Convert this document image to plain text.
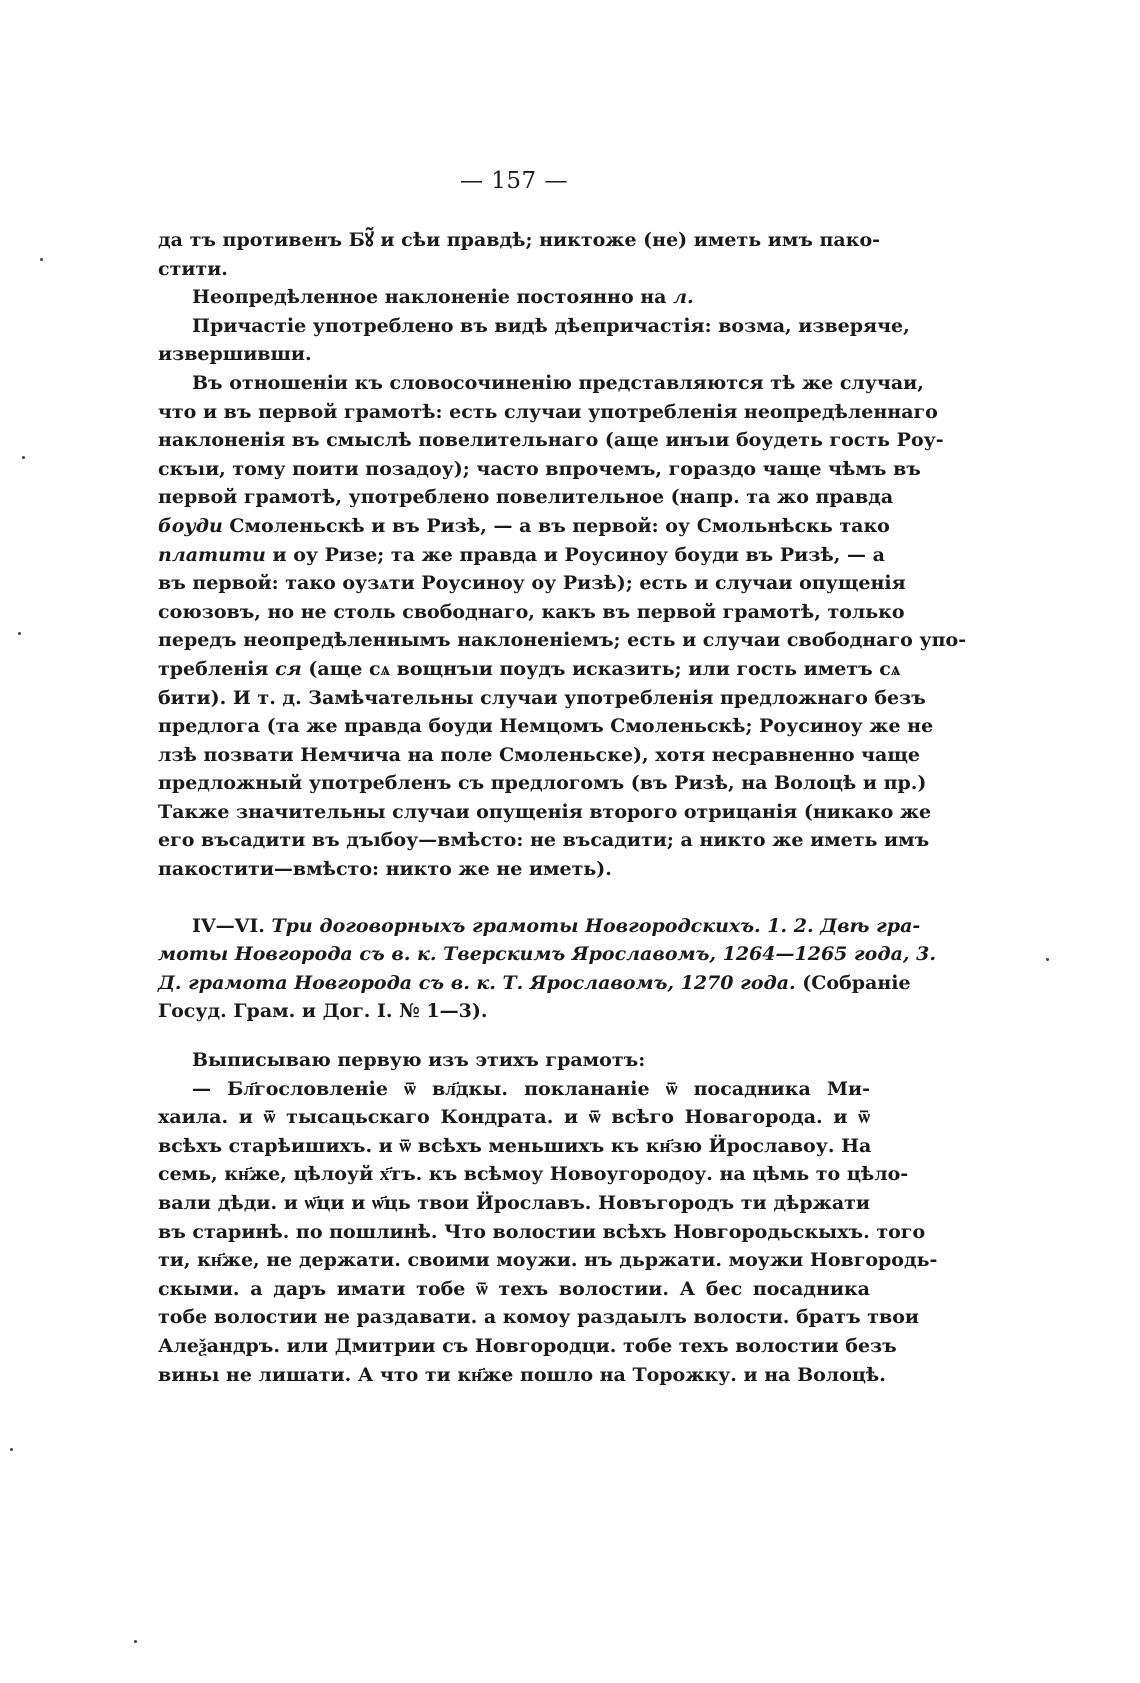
— 157 —

да тъ противенъ Бꙋ̃ и сѣи правдѣ; никтоже (не) иметь имъ пако-
стити.

Неопредѣленное наклоненіе постоянно на л.

Причастіе употреблено въ видѣ дѣепричастія: возма, изверяче,
извершивши.

Въ отношеніи къ словосочиненію представляются тѣ же случаи,
что и въ первой грамотѣ: есть случаи употребленія неопредѣленнаго
наклоненія въ смыслѣ повелительнаго (аще инъıи боудеть гость Роу-
скъıи, тому поити позадоу); часто впрочемъ, гораздо чаще чѣмъ въ
первой грамотѣ, употреблено повелительное (напр. та жо правда
боуди Смоленьскѣ и въ Ризѣ, — а въ первой: оу Смольнѣскь тако
платити и оу Ризе; та же правда и Роусиноу боуди въ Ризѣ, — а
въ первой: тако оузѧти Роусиноу оу Ризѣ); есть и случаи опущенія
союзовъ, но не столь свободнаго, какъ въ первой грамотѣ, только
передъ неопредѣленнымъ наклоненіемъ; есть и случаи свободнаго упо-
требленія ся (аще сѧ вощнъıи поудъ исказить; или гость иметъ сѧ
бити). И т. д. Замѣчательны случаи употребленія предложнаго безъ
предлога (та же правда боуди Немцомъ Смоленьскѣ; Роусиноу же не
лзѣ позвати Немчича на поле Смоленьске), хотя несравненно чаще
предложный употребленъ съ предлогомъ (въ Ризѣ, на Волоцѣ и пр.)
Также значительны случаи опущенія второго отрицанія (никако же
его въсадити въ дъıбоу—вмѣсто: не въсадити; а никто же иметь имъ
пакостити—вмѣсто: никто же не иметь).

IV—VI. Три договорныхъ грамоты Новгородскихъ. 1. 2. Двѣ гра-
моты Новгорода съ в. к. Тверскимъ Ярославомъ, 1264—1265 года, 3.
Д. грамота Новгорода съ в. к. Т. Ярославомъ, 1270 года. (Собраніе
Госуд. Грам. и Дог. I. № 1—3).

Выписываю первую изъ этихъ грамотъ:

— Бл҃гословленіе ѿ вл҃дкы. поклананіе ѿ посадника Ми-
хаила. и ѿ тысацьскаго Кондрата. и ѿ всѣго Новагорода. и ѿ
всѣхъ старѣишихъ. и ѿ всѣхъ меньшихъ къ кн҃зю Ӥрославоу. На
семь, кн҃же, цѣлоуй х҃тъ. къ всѣмоу Новоугородоу. на цѣмь то цѣло-
вали дѣди. и ѡ҃ци и ѡ҃ць твои Ӥрославъ. Новъгородъ ти дѣржати
въ старинѣ. по пошлинѣ. Что волостии всѣхъ Новгородьскыхъ. того
ти, кн҃же, не держати. своими моужи. нъ дьржати. моужи Новгородь-
скыми. а даръ имати тобе ѿ техъ волостии. А бес посадника
тобе волостии не раздавати. а комоу раздаылъ волости. братъ твои
Алеѯандръ. или Дмитрии съ Новгородци. тобе техъ волостии безъ
виньı не лишати. А что ти кн҃же пошло на Торожку. и на Волоцѣ.
